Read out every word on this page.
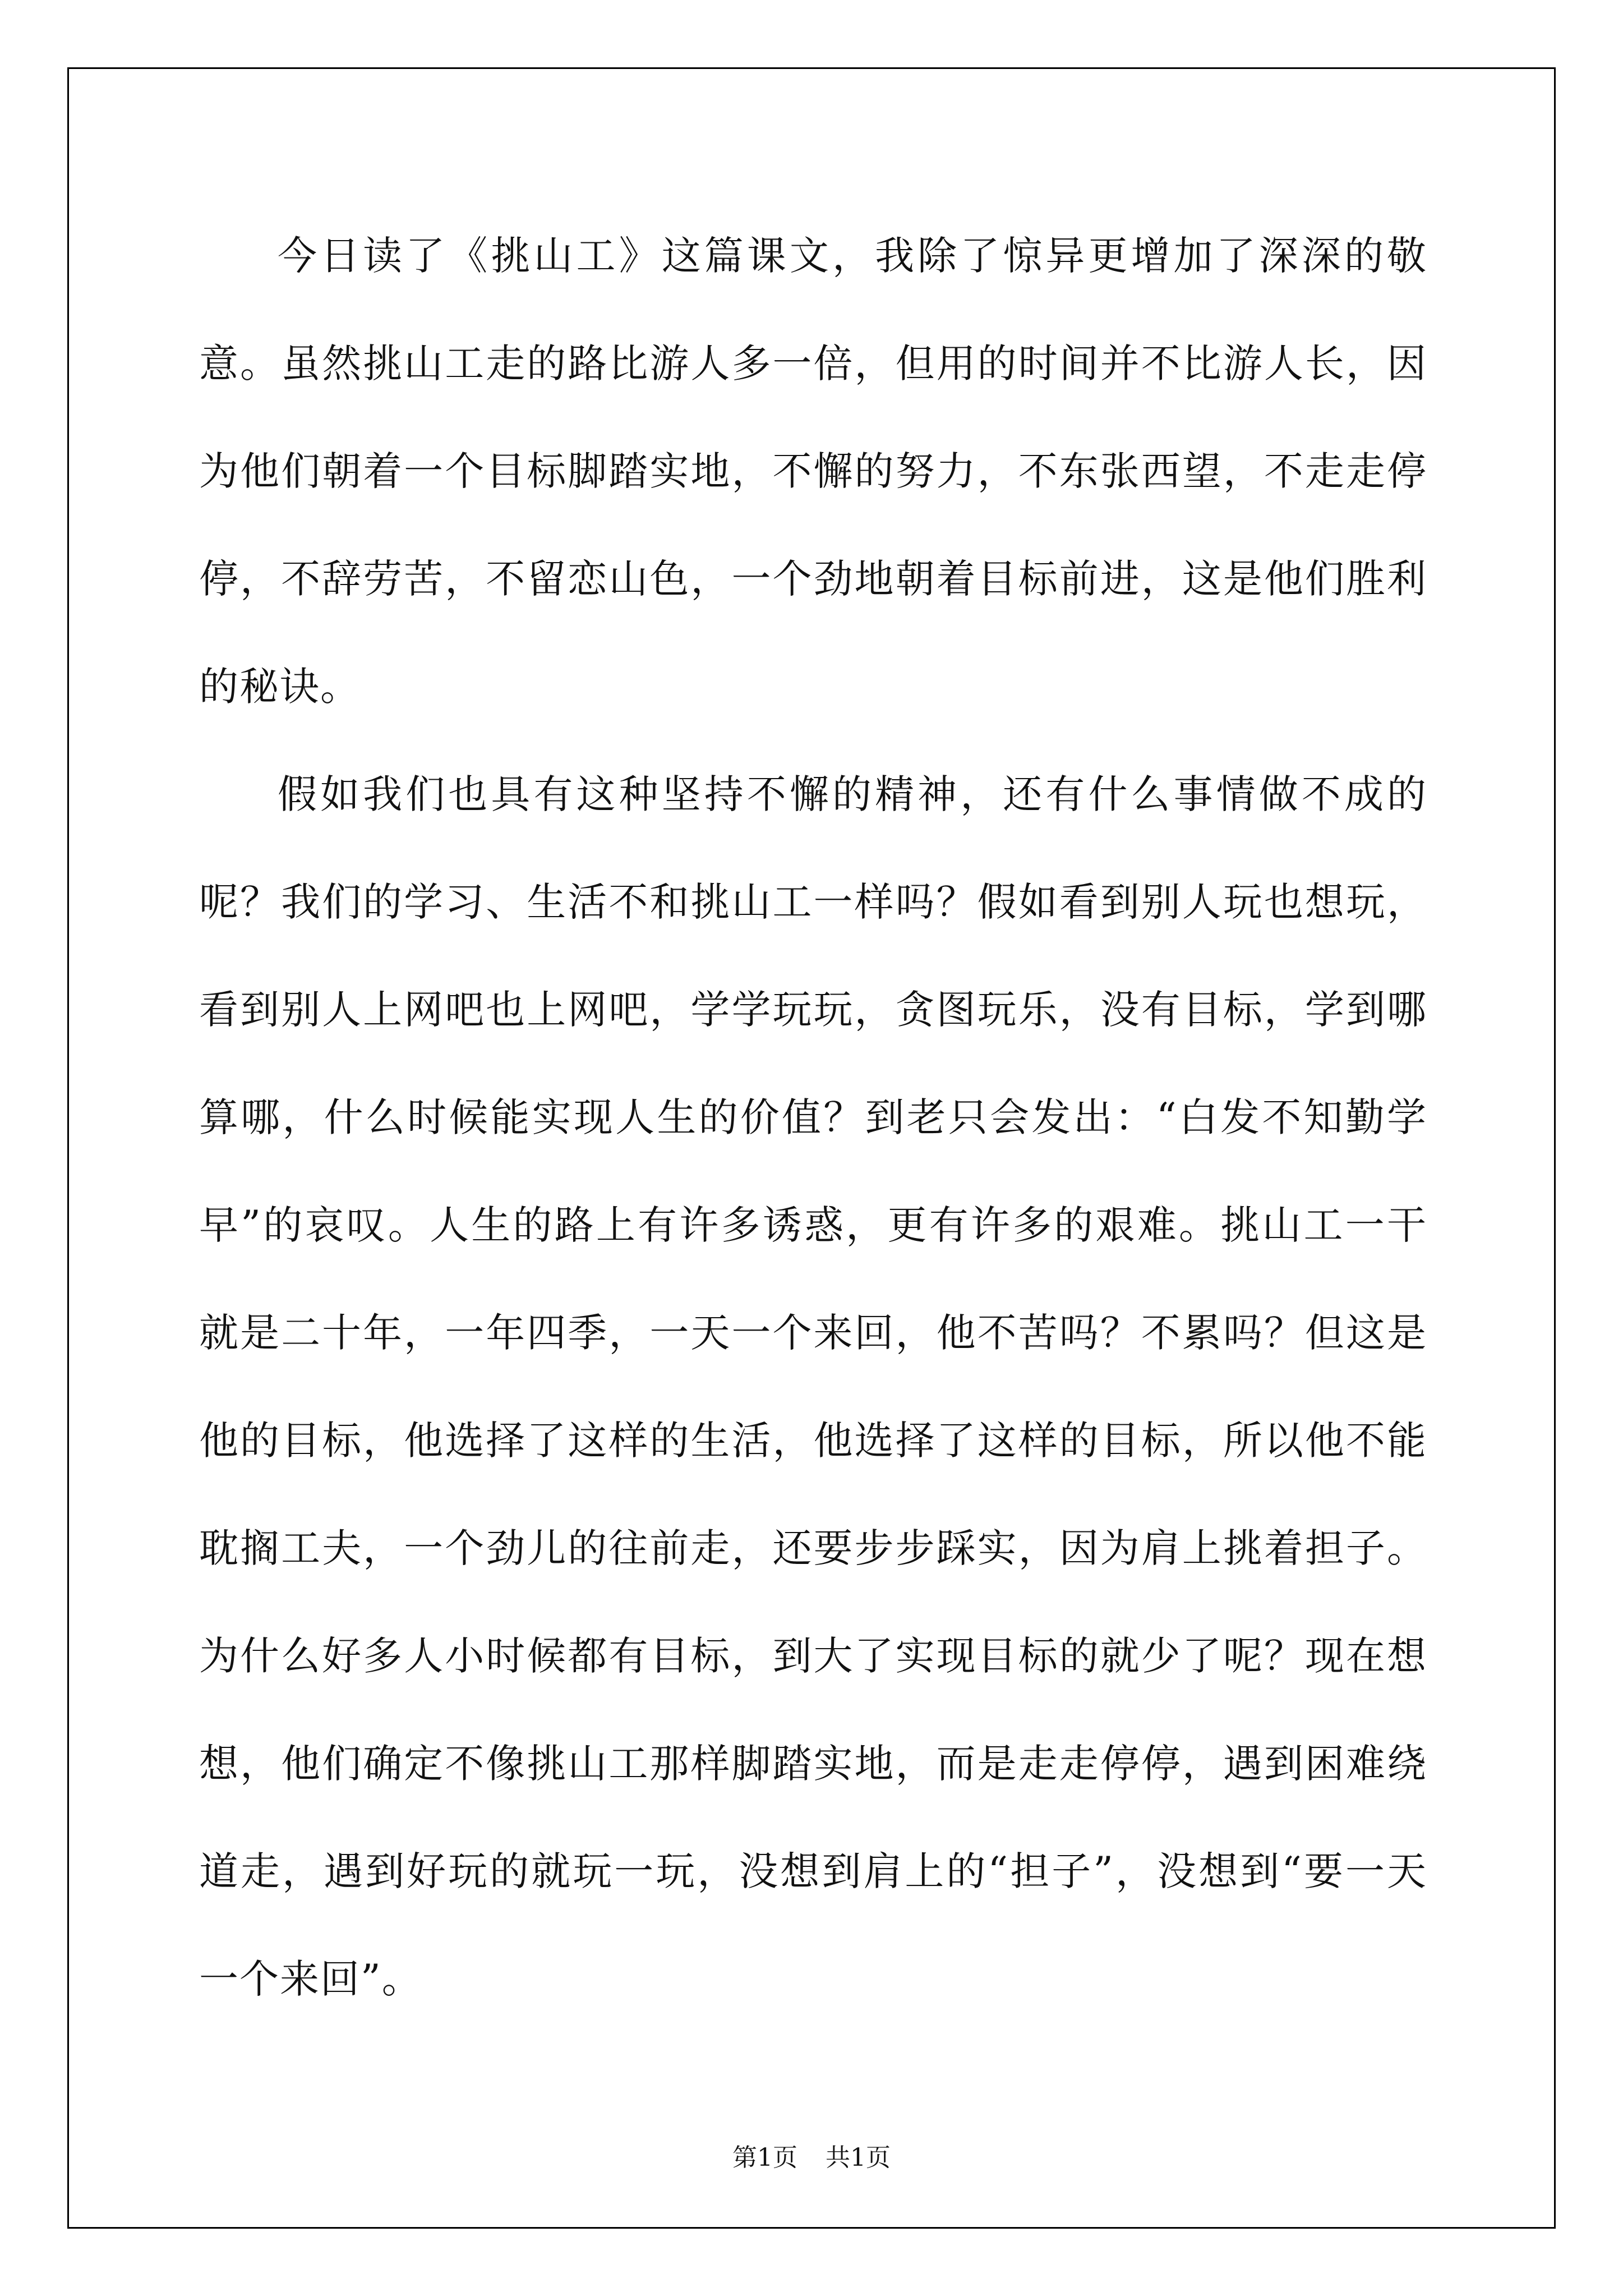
今日读了《挑山工》这篇课文，我除了惊异更增加了深深的敬意。虽然挑山工走的路比游人多一倍，但用的时间并不比游人长，因为他们朝着一个目标脚踏实地，不懈的努力，不东张西望，不走走停停，不辞劳苦，不留恋山色，一个劲地朝着目标前进，这是他们胜利的秘诀。

假如我们也具有这种坚持不懈的精神，还有什么事情做不成的呢？我们的学习、生活不和挑山工一样吗？假如看到别人玩也想玩，看到别人上网吧也上网吧，学学玩玩，贪图玩乐，没有目标，学到哪算哪，什么时候能实现人生的价值？到老只会发出：“白发不知勤学早”的哀叹。人生的路上有许多诱惑，更有许多的艰难。挑山工一干就是二十年，一年四季，一天一个来回，他不苦吗？不累吗？但这是他的目标，他选择了这样的生活，他选择了这样的目标，所以他不能耽搁工夫，一个劲儿的往前走，还要步步踩实，因为肩上挑着担子。为什么好多人小时候都有目标，到大了实现目标的就少了呢？现在想想，他们确定不像挑山工那样脚踏实地，而是走走停停，遇到困难绕道走，遇到好玩的就玩一玩，没想到肩上的“担子”，没想到“要一天一个来回”。

第1页 共1页
